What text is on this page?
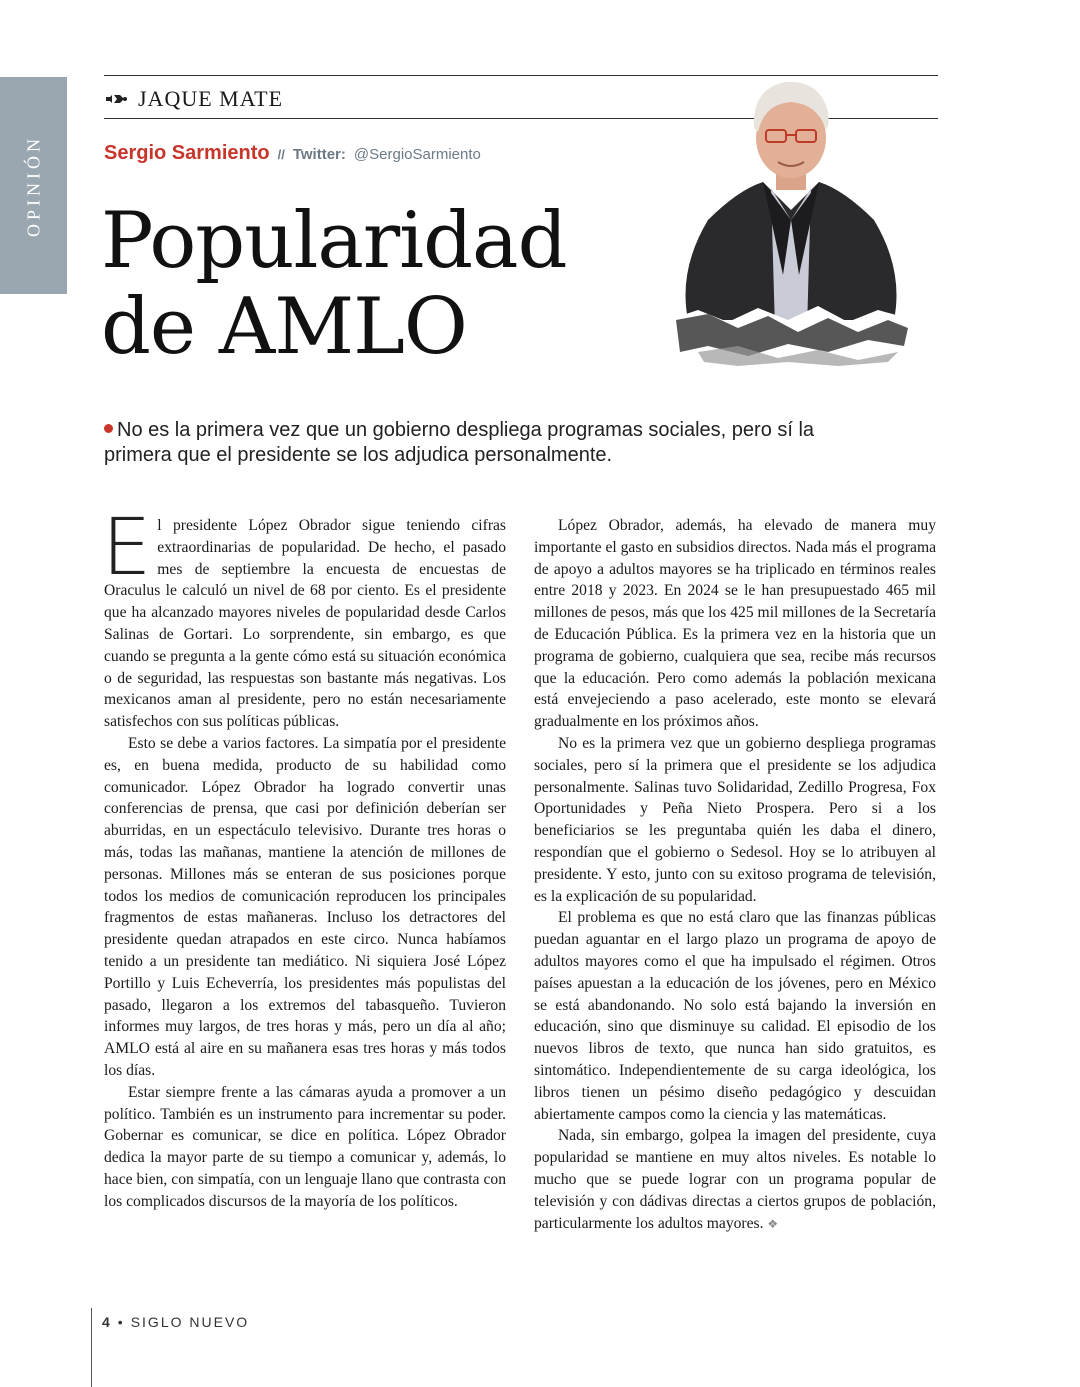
OPINIÓN
JAQUE MATE
Sergio Sarmiento // Twitter: @SergioSarmiento
Popularidad
de AMLO

No es la primera vez que un gobierno despliega programas sociales, pero sí la primera que el presidente se los adjudica personalmente.

El presidente López Obrador sigue teniendo cifras extraordinarias de popularidad. De hecho, el pasado mes de septiembre la encuesta de encuestas de Oraculus le calculó un nivel de 68 por ciento. Es el presidente que ha alcanzado mayores niveles de popularidad desde Carlos Salinas de Gortari. Lo sorprendente, sin embargo, es que cuando se pregunta a la gente cómo está su situación económica o de seguridad, las respuestas son bastante más negativas. Los mexicanos aman al presidente, pero no están necesariamente satisfechos con sus políticas públicas.

Esto se debe a varios factores. La simpatía por el presidente es, en buena medida, producto de su habilidad como comunicador. López Obrador ha logrado convertir unas conferencias de prensa, que casi por definición deberían ser aburridas, en un espectáculo televisivo. Durante tres horas o más, todas las mañanas, mantiene la atención de millones de personas. Millones más se enteran de sus posiciones porque todos los medios de comunicación reproducen los principales fragmentos de estas mañaneras. Incluso los detractores del presidente quedan atrapados en este circo. Nunca habíamos tenido a un presidente tan mediático. Ni siquiera José López Portillo y Luis Echeverría, los presidentes más populistas del pasado, llegaron a los extremos del tabasqueño. Tuvieron informes muy largos, de tres horas y más, pero un día al año; AMLO está al aire en su mañanera esas tres horas y más todos los días.

Estar siempre frente a las cámaras ayuda a promover a un político. También es un instrumento para incrementar su poder. Gobernar es comunicar, se dice en política. López Obrador dedica la mayor parte de su tiempo a comunicar y, además, lo hace bien, con simpatía, con un lenguaje llano que contrasta con los complicados discursos de la mayoría de los políticos.

López Obrador, además, ha elevado de manera muy importante el gasto en subsidios directos. Nada más el programa de apoyo a adultos mayores se ha triplicado en términos reales entre 2018 y 2023. En 2024 se le han presupuestado 465 mil millones de pesos, más que los 425 mil millones de la Secretaría de Educación Pública. Es la primera vez en la historia que un programa de gobierno, cualquiera que sea, recibe más recursos que la educación. Pero como además la población mexicana está envejeciendo a paso acelerado, este monto se elevará gradualmente en los próximos años.

No es la primera vez que un gobierno despliega programas sociales, pero sí la primera que el presidente se los adjudica personalmente. Salinas tuvo Solidaridad, Zedillo Progresa, Fox Oportunidades y Peña Nieto Prospera. Pero si a los beneficiarios se les preguntaba quién les daba el dinero, respondían que el gobierno o Sedesol. Hoy se lo atribuyen al presidente. Y esto, junto con su exitoso programa de televisión, es la explicación de su popularidad.

El problema es que no está claro que las finanzas públicas puedan aguantar en el largo plazo un programa de apoyo de adultos mayores como el que ha impulsado el régimen. Otros países apuestan a la educación de los jóvenes, pero en México se está abandonando. No solo está bajando la inversión en educación, sino que disminuye su calidad. El episodio de los nuevos libros de texto, que nunca han sido gratuitos, es sintomático. Independientemente de su carga ideológica, los libros tienen un pésimo diseño pedagógico y descuidan abiertamente campos como la ciencia y las matemáticas.

Nada, sin embargo, golpea la imagen del presidente, cuya popularidad se mantiene en muy altos niveles. Es notable lo mucho que se puede lograr con un programa popular de televisión y con dádivas directas a ciertos grupos de población, particularmente los adultos mayores. ❖

4 • SIGLO NUEVO
